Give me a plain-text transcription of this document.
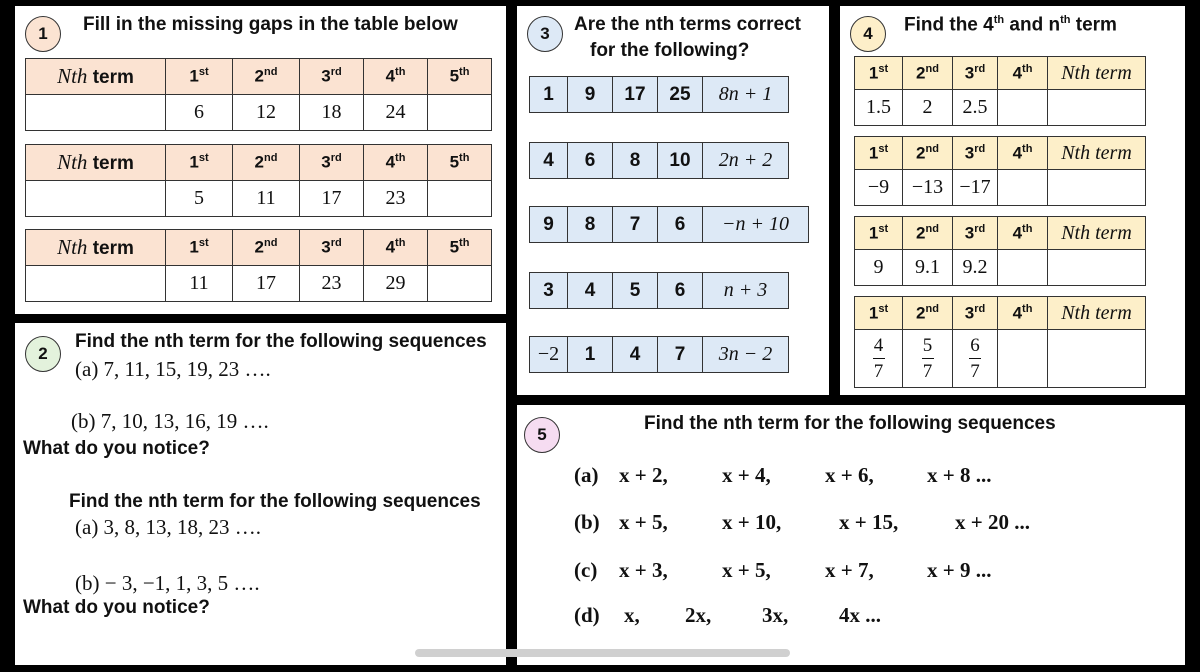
1	Fill in the missing gaps in the table below
Nth term	1st	2nd	3rd	4th	5th
	6	12	18	24	
Nth term	1st	2nd	3rd	4th	5th
	5	11	17	23	
Nth term	1st	2nd	3rd	4th	5th
	11	17	23	29	
2
Find the nth term for the following sequences
(a) 7, 11, 15, 19, 23 ….
(b) 7, 10, 13, 16, 19 ….
What do you notice?
Find the nth term for the following sequences
(a) 3, 8, 13, 18, 23 ….
(b) − 3, −1, 1, 3, 5 ….
What do you notice?
3	Are the nth terms correct
for the following?
1	9	17	25	8n + 1
4	6	8	10	2n + 2
9	8	7	6	−n + 10
3	4	5	6	n + 3
−2	1	4	7	3n − 2
4	Find the 4th and $n^{th}$ term
1st	2nd	3rd	4th	Nth term
1.5	2	2.5		
1st	2nd	3rd	4th	Nth term
−9	−13	−17		
1st	2nd	3rd	4th	Nth term
9	9.1	9.2		
1st	2nd	3rd	4th	Nth term

$\frac{4}{7}$	$\frac{5}{7}$	$\frac{6}{7}$

5
Find the nth term for the following sequences
(a) x + 2,	x + 4,	x + 6,	x + 8 ...
(b) x + 5,	x + 10,	x + 15,	x + 20 ...
(c) x + 3,	x + 5,	x + 7,	x + 9 ...
(d) x, 2x, 3x, 4x ...
